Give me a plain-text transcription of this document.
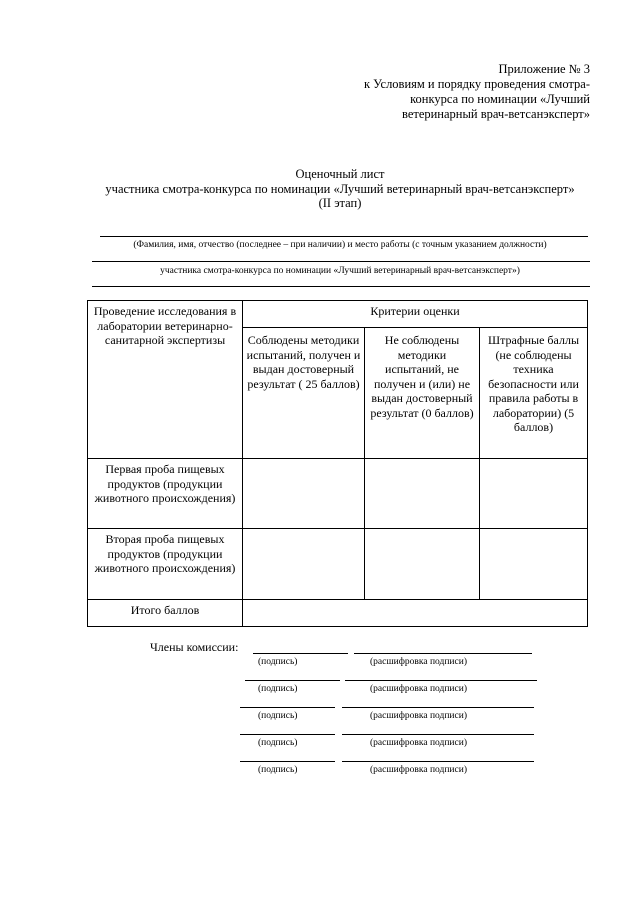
Приложение № 3
к Условиям и порядку проведения смотра-
конкурса по номинации «Лучший
ветеринарный врач-ветсанэксперт»
Оценочный лист
участника смотра-конкурса по номинации «Лучший ветеринарный врач-ветсанэксперт»
(II этап)
(Фамилия, имя, отчество (последнее – при наличии) и место работы (с точным указанием должности)
участника смотра-конкурса по номинации «Лучший ветеринарный врач-ветсанэксперт»)
Проведение исследования в лаборатории ветеринарно-санитарной экспертизы	Критерии оценки		
	Соблюдены методики испытаний, получен и выдан достоверный результат ( 25 баллов)	Не соблюдены методики испытаний, не получен и (или) не выдан достоверный результат (0 баллов)	Штрафные баллы (не соблюдены техника безопасности или правила работы в лаборатории) (5 баллов)
Первая проба пищевых продуктов (продукции животного происхождения)			
Вторая проба пищевых продуктов (продукции животного происхождения)			
Итого баллов			
Члены комиссии:
(подпись)	(расшифровка подписи)
(подпись)	(расшифровка подписи)
(подпись)	(расшифровка подписи)
(подпись)	(расшифровка подписи)
(подпись)	(расшифровка подписи)
